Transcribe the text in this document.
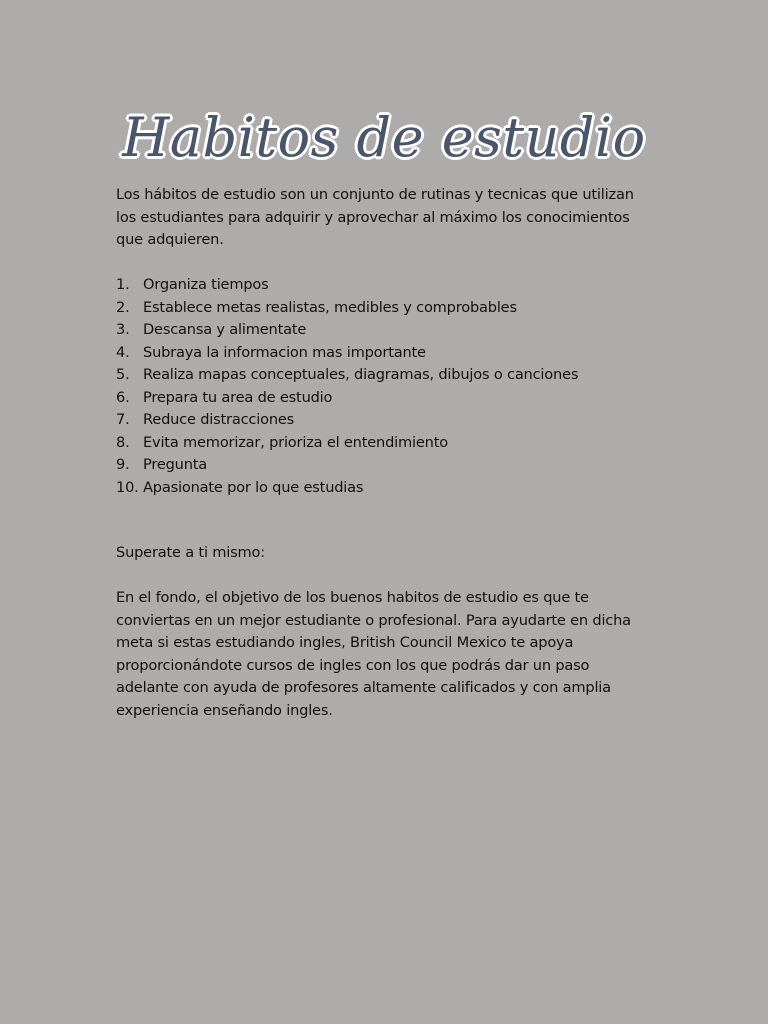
Habitos de estudio
Los hábitos de estudio son un conjunto de rutinas y tecnicas que utilizan los estudiantes para adquirir y aprovechar al máximo los conocimientos que adquieren.
1. Organiza tiempos
2. Establece metas realistas, medibles y comprobables
3. Descansa y alimentate
4. Subraya la informacion mas importante
5. Realiza mapas conceptuales, diagramas, dibujos o canciones
6. Prepara tu area de estudio
7. Reduce distracciones
8. Evita memorizar, prioriza el entendimiento
9. Pregunta
10. Apasionate por lo que estudias
Superate a ti mismo:
En el fondo, el objetivo de los buenos habitos de estudio es que te conviertas en un mejor estudiante o profesional. Para ayudarte en dicha meta si estas estudiando ingles, British Council Mexico te apoya proporcionándote cursos de ingles con los que podrás dar un paso adelante con ayuda de profesores altamente calificados y con amplia experiencia enseñando ingles.
